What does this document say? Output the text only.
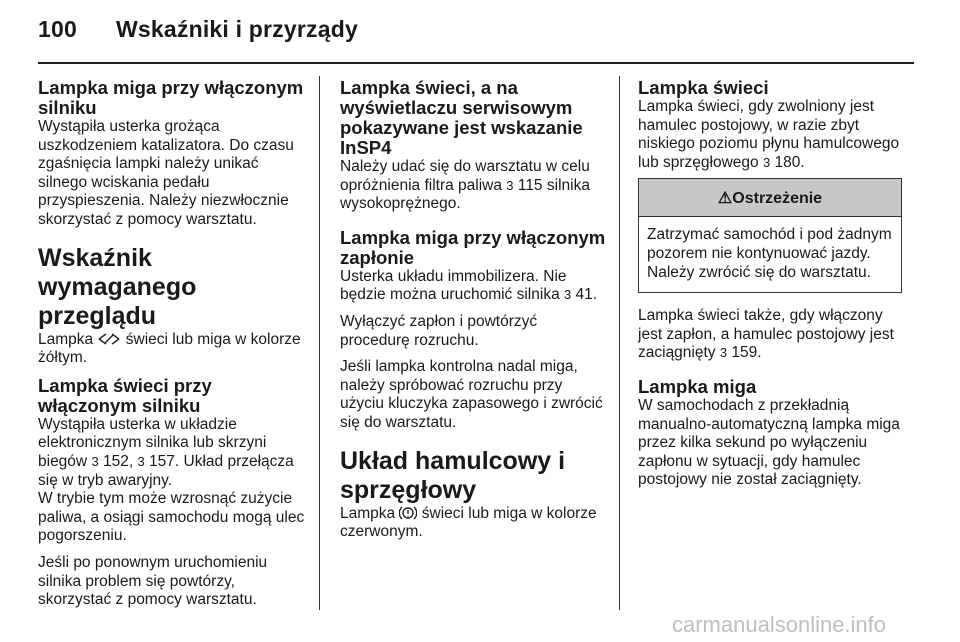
100 Wskaźniki i przyrządy
Lampka miga przy włączonym silniku

Wystąpiła usterka grożąca uszkodzeniem katalizatora. Do czasu zgaśnięcia lampki należy unikać silnego wciskania pedału przyspieszenia. Należy niezwłocznie skorzystać z pomocy warsztatu.

Wskaźnik wymaganego przeglądu

Lampka  świeci lub miga w kolorze żółtym.

Lampka świeci przy włączonym silniku

Wystąpiła usterka w układzie elektronicznym silnika lub skrzyni biegów 3 152, 3 157. Układ przełącza się w tryb awaryjny.

W trybie tym może wzrosnąć zużycie paliwa, a osiągi samochodu mogą ulec pogorszeniu.

Jeśli po ponownym uruchomieniu silnika problem się powtórzy, skorzystać z pomocy warsztatu.

Lampka świeci, a na wyświetlaczu serwisowym pokazywane jest wskazanie InSP4

Należy udać się do warsztatu w celu opróżnienia filtra paliwa 3 115 silnika wysokoprężnego.

Lampka miga przy włączonym zapłonie

Usterka układu immobilizera. Nie będzie można uruchomić silnika 3 41.

Wyłączyć zapłon i powtórzyć procedurę rozruchu.

Jeśli lampka kontrolna nadal miga, należy spróbować rozruchu przy użyciu kluczyka zapasowego i zwrócić się do warsztatu.

Układ hamulcowy i sprzęgłowy

Lampka  świeci lub miga w kolorze czerwonym.

Lampka świeci

Lampka świeci, gdy zwolniony jest hamulec postojowy, w razie zbyt niskiego poziomu płynu hamulcowego lub sprzęgłowego 3 180.

⚠Ostrzeżenie

Zatrzymać samochód i pod żadnym pozorem nie kontynuować jazdy. Należy zwrócić się do warsztatu.

Lampka świeci także, gdy włączony jest zapłon, a hamulec postojowy jest zaciągnięty 3 159.

Lampka miga

W samochodach z przekładnią manualno-automatyczną lampka miga przez kilka sekund po wyłączeniu zapłonu w sytuacji, gdy hamulec postojowy nie został zaciągnięty.

carmanualsonline.info
